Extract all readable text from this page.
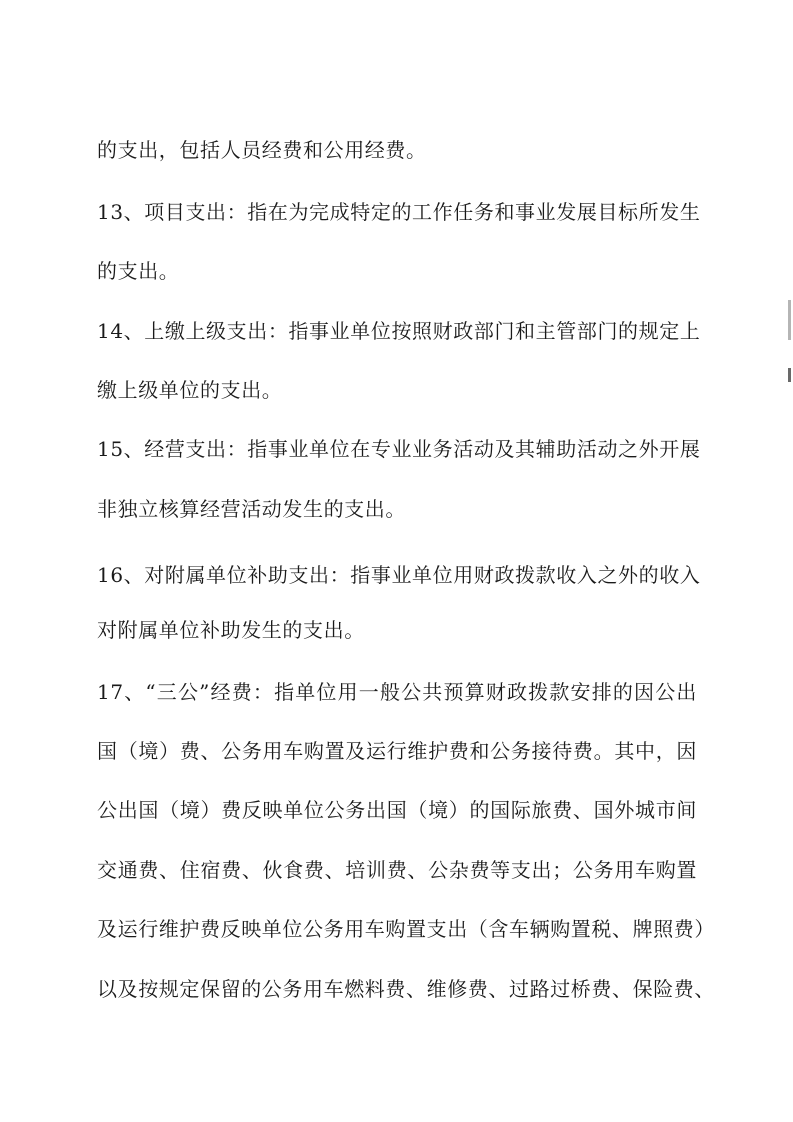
的支出，包括人员经费和公用经费。
13、项目支出：指在为完成特定的工作任务和事业发展目标所发生
的支出。
14、上缴上级支出：指事业单位按照财政部门和主管部门的规定上
缴上级单位的支出。
15、经营支出：指事业单位在专业业务活动及其辅助活动之外开展
非独立核算经营活动发生的支出。
16、对附属单位补助支出：指事业单位用财政拨款收入之外的收入
对附属单位补助发生的支出。
17、“三公”经费：指单位用一般公共预算财政拨款安排的因公出
国（境）费、公务用车购置及运行维护费和公务接待费。其中，因
公出国（境）费反映单位公务出国（境）的国际旅费、国外城市间
交通费、住宿费、伙食费、培训费、公杂费等支出；公务用车购置
及运行维护费反映单位公务用车购置支出（含车辆购置税、牌照费）
以及按规定保留的公务用车燃料费、维修费、过路过桥费、保险费、
